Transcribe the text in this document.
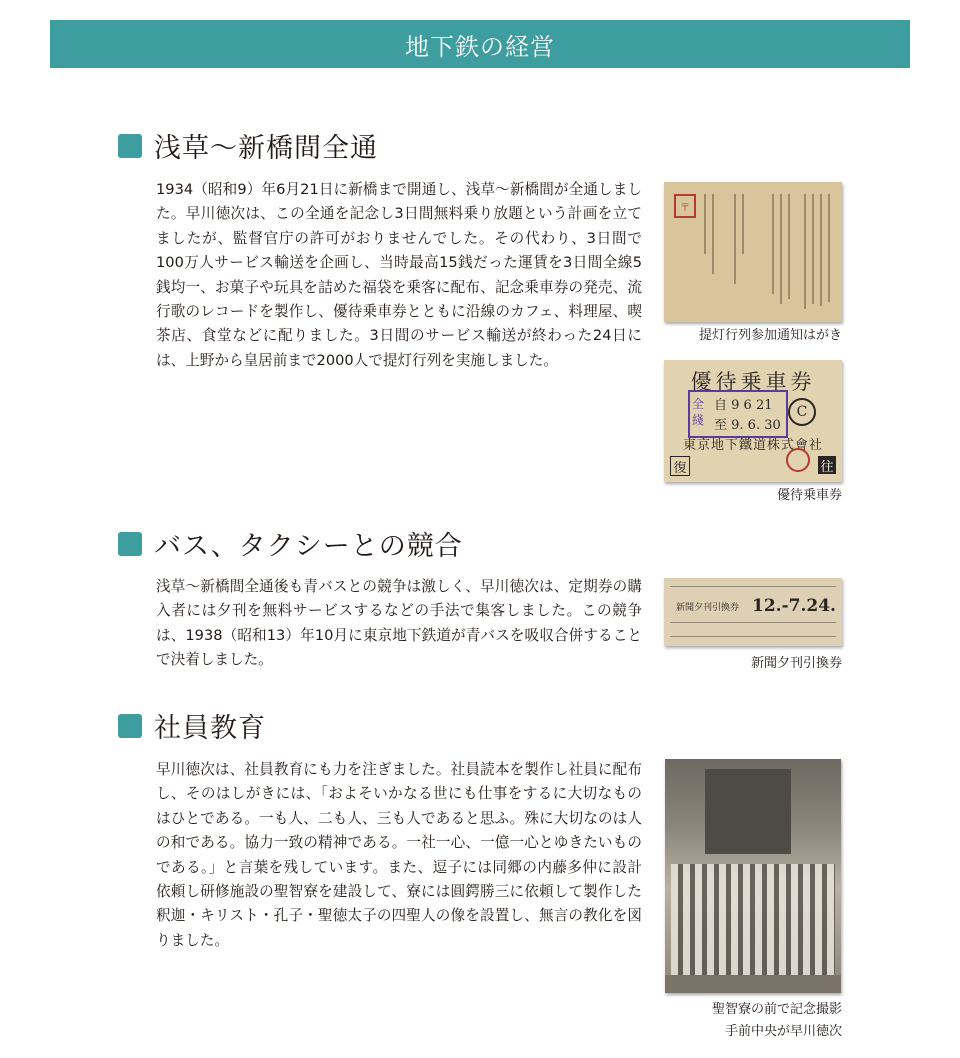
地下鉄の経営
浅草～新橋間全通

1934（昭和9）年6月21日に新橋まで開通し、浅草～新橋間が全通しました。早川徳次は、この全通を記念し3日間無料乗り放題という計画を立てましたが、監督官庁の許可がおりませんでした。その代わり、3日間で100万人サービス輸送を企画し、当時最高15銭だった運賃を3日間全線5銭均一、お菓子や玩具を詰めた福袋を乗客に配布、記念乗車券の発売、流行歌のレコードを製作し、優待乗車券とともに沿線のカフェ、料理屋、喫茶店、食堂などに配りました。3日間のサービス輸送が終わった24日には、上野から皇居前まで2000人で提灯行列を実施しました。

〒
提灯行列参加通知はがき
優待乗車券
全 綫
自 9 6 21
至 9. 6. 30
C
東京地下鐵道株式會社
復	往
優待乗車券
バス、タクシーとの競合

浅草～新橋間全通後も青バスとの競争は激しく、早川徳次は、定期券の購入者には夕刊を無料サービスするなどの手法で集客しました。この競争は、1938（昭和13）年10月に東京地下鉄道が青バスを吸収合併することで決着しました。

新聞夕刊引換券 12.-7.24.
新聞夕刊引換券
社員教育

早川徳次は、社員教育にも力を注ぎました。社員読本を製作し社員に配布し、そのはしがきには、「およそいかなる世にも仕事をするに大切なものはひとである。一も人、二も人、三も人であると思ふ。殊に大切なのは人の和である。協力一致の精神である。一社一心、一億一心とゆきたいものである。」と言葉を残しています。また、逗子には同郷の内藤多仲に設計依頼し研修施設の聖智寮を建設して、寮には圓鍔勝三に依頼して製作した釈迦・キリスト・孔子・聖徳太子の四聖人の像を設置し、無言の教化を図りました。

聖智寮の前で記念撮影
手前中央が早川徳次
